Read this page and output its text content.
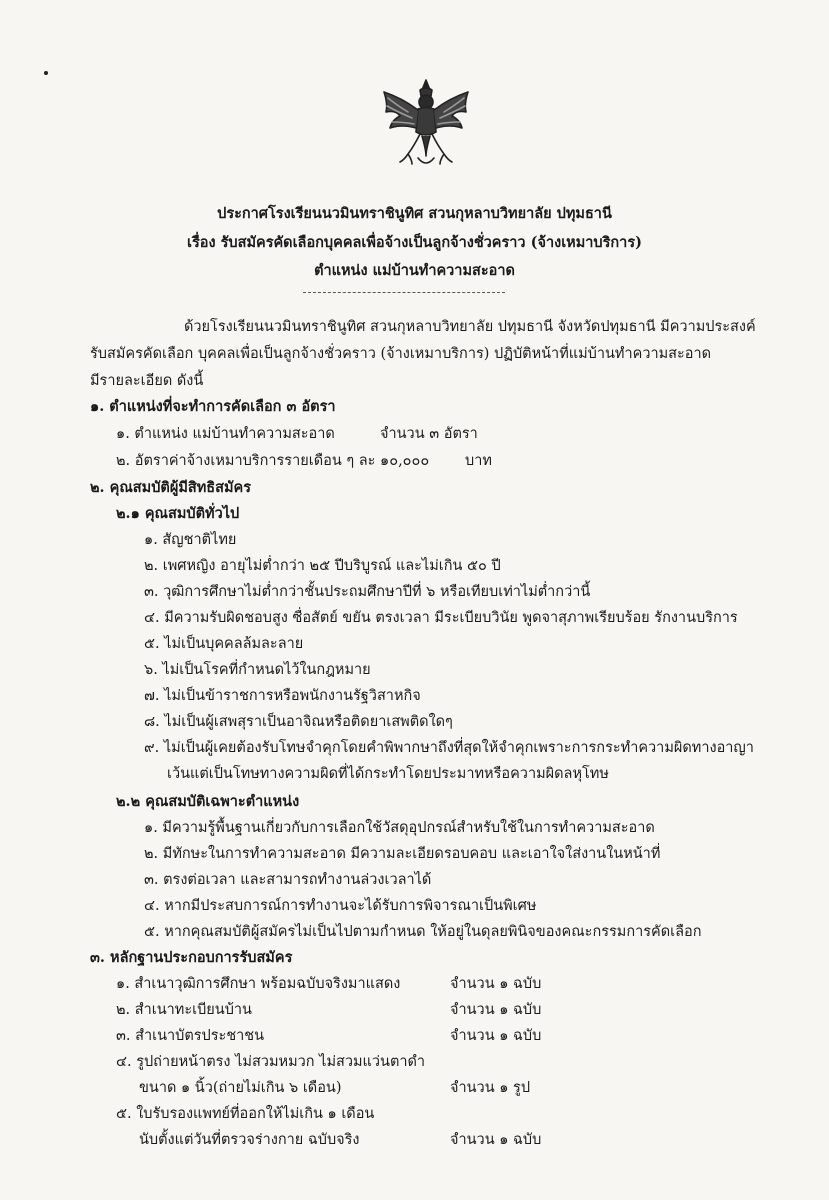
ประกาศโรงเรียนนวมินทราชินูทิศ สวนกุหลาบวิทยาลัย ปทุมธานี
เรื่อง รับสมัครคัดเลือกบุคคลเพื่อจ้างเป็นลูกจ้างชั่วคราว (จ้างเหมาบริการ)
ตำแหน่ง แม่บ้านทำความสะอาด
ด้วยโรงเรียนนวมินทราชินูทิศ สวนกุหลาบวิทยาลัย ปทุมธานี จังหวัดปทุมธานี มีความประสงค์
รับสมัครคัดเลือก บุคคลเพื่อเป็นลูกจ้างชั่วคราว (จ้างเหมาบริการ) ปฏิบัติหน้าที่แม่บ้านทำความสะอาด
มีรายละเอียด ดังนี้
๑. ตำแหน่งที่จะทำการคัดเลือก ๓ อัตรา
๑. ตำแหน่ง แม่บ้านทำความสะอาด	จำนวน ๓ อัตรา
๒. อัตราค่าจ้างเหมาบริการรายเดือน ๆ ละ ๑๐,๐๐๐ บาท
๒. คุณสมบัติผู้มีสิทธิสมัคร
๒.๑ คุณสมบัติทั่วไป
๑. สัญชาติไทย
๒. เพศหญิง อายุไม่ต่ำกว่า ๒๕ ปีบริบูรณ์ และไม่เกิน ๕๐ ปี
๓. วุฒิการศึกษาไม่ต่ำกว่าชั้นประถมศึกษาปีที่ ๖ หรือเทียบเท่าไม่ต่ำกว่านี้
๔. มีความรับผิดชอบสูง ซื่อสัตย์ ขยัน ตรงเวลา มีระเบียบวินัย พูดจาสุภาพเรียบร้อย รักงานบริการ
๕. ไม่เป็นบุคคลล้มละลาย
๖. ไม่เป็นโรคที่กำหนดไว้ในกฎหมาย
๗. ไม่เป็นข้าราชการหรือพนักงานรัฐวิสาหกิจ
๘. ไม่เป็นผู้เสพสุราเป็นอาจิณหรือติดยาเสพติดใดๆ
๙. ไม่เป็นผู้เคยต้องรับโทษจำคุกโดยคำพิพากษาถึงที่สุดให้จำคุกเพราะการกระทำความผิดทางอาญา
เว้นแต่เป็นโทษทางความผิดที่ได้กระทำโดยประมาทหรือความผิดลหุโทษ
๒.๒ คุณสมบัติเฉพาะตำแหน่ง
๑. มีความรู้พื้นฐานเกี่ยวกับการเลือกใช้วัสดุอุปกรณ์สำหรับใช้ในการทำความสะอาด
๒. มีทักษะในการทำความสะอาด มีความละเอียดรอบคอบ และเอาใจใส่งานในหน้าที่
๓. ตรงต่อเวลา และสามารถทำงานล่วงเวลาได้
๔. หากมีประสบการณ์การทำงานจะได้รับการพิจารณาเป็นพิเศษ
๕. หากคุณสมบัติผู้สมัครไม่เป็นไปตามกำหนด ให้อยู่ในดุลยพินิจของคณะกรรมการคัดเลือก
๓. หลักฐานประกอบการรับสมัคร
๑. สำเนาวุฒิการศึกษา พร้อมฉบับจริงมาแสดง	จำนวน ๑ ฉบับ
๒. สำเนาทะเบียนบ้าน	จำนวน ๑ ฉบับ
๓. สำเนาบัตรประชาชน	จำนวน ๑ ฉบับ
๔. รูปถ่ายหน้าตรง ไม่สวมหมวก ไม่สวมแว่นตาดำ
ขนาด ๑ นิ้ว(ถ่ายไม่เกิน ๖ เดือน)	จำนวน ๑ รูป
๕. ใบรับรองแพทย์ที่ออกให้ไม่เกิน ๑ เดือน
นับตั้งแต่วันที่ตรวจร่างกาย ฉบับจริง	จำนวน ๑ ฉบับ
